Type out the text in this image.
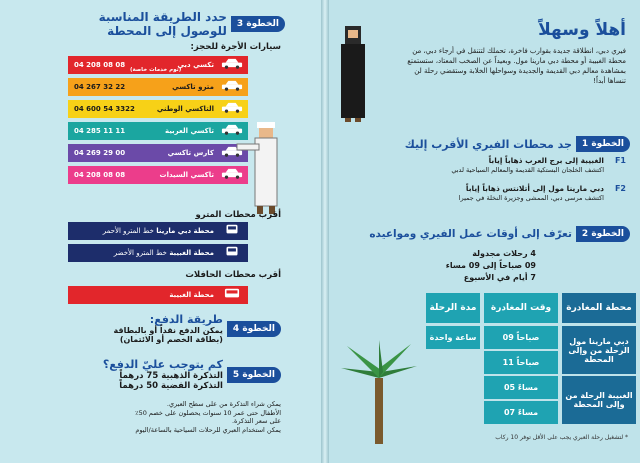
الخطوة 3
حدد الطريقة المناسبة
للوصول إلى المحطة
سيارات الأجرة للحجز:
تكسي دبي
04 208 08 08
(توم خدمات خاصة)
مترو تاكسي
04 267 32 22
التاكسي الوطني
04 600 54 3322
تاكسي العربية
04 285 11 11
كارس تاكسي
04 269 29 00
تاكسي السيدات
04 208 08 08
أقرب محطات المترو
محطة دبي مارينا

خط المترو الأحمر
محطة الغبيبة

خط المترو الأخضر
أقرب محطات الحافلات
محطة الغبيبة
الخطوة 4
طريقة الدفع:
يمكن الدفع نقداً أو بالبطاقة
(بطاقة الخصم أو الائتمان)
الخطوة 5
كم يتوجب عليّ الدفع؟
التذكرة الذهبية 75 درهماً
التذكرة الفضية 50 درهماً
يمكن شراء التذكرة من على سطح العبري.
الأطفال حتى عمر 10 سنوات يحصلون على خصم 50٪
على سعر التذكرة.
يمكن استخدام العبري للرحلات السياحية بالساعة/اليوم
أهلاً وسهلاً
فيري دبي، انطلاقة جديدة بقوارب فاخرة، تحملك لتتنقل في أرجاء دبي، من محطة الغبيبة أو محطة دبي مارينا مول. وبعيداً عن الصخب المعتاد، ستستمتع بمشاهدة معالم دبي القديمة والجديدة وسواحلها الخلابة وستقضي رحلة لن تنساها أبداً!
الخطوة 1
جد محطات الفيري الأقرب إليك
F1
الغبيبة إلى برج العرب ذهاباً إياباً
اكتشف الخلجان البستكية القديمة والمعالم السياحية لدبي
F2
دبي مارينا مول إلى أتلانتس ذهاباً إياباً
اكتشف مرسى دبي، الممشى وجزيرة النخلة في جميرا
الخطوة 2
تعرّف إلى أوقات عمل الفيري ومواعيده
4 رحلات مجدولة
09 صباحاً إلى 09 مساء
7 أيام في الأسبوع
محطة المغادرة
وقت المغادرة
مدة الرحلة
دبي مارينا مول الرحلة من وإلى المحطة
الغبيبة الرحلة من وإلى المحطة
09 صباحاً
11 صباحاً
05 مساءً
07 مساءً
ساعة واحدة
* لتشغيل رحلة العبري يجب على الأقل توفر 10 ركاب
